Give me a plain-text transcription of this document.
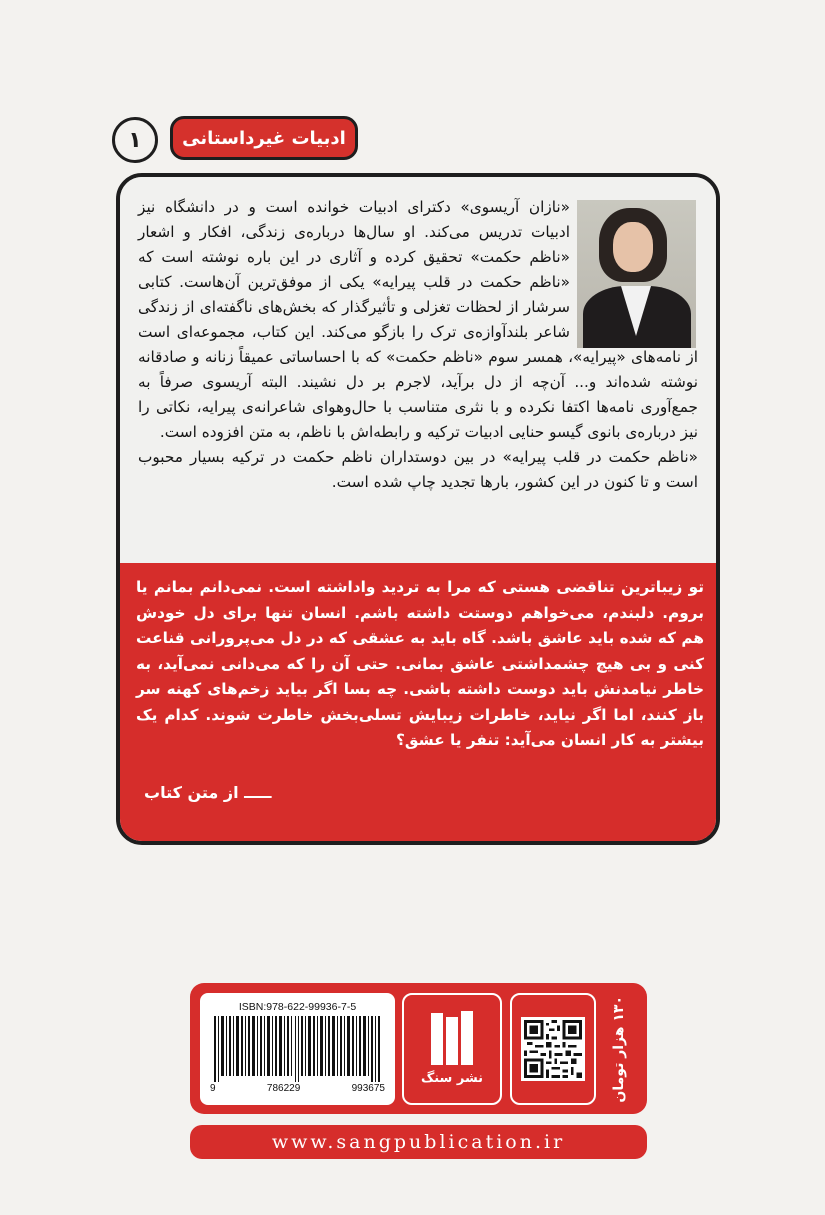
ادبیات غیرداستانی
۱

«نازان آریسوی» دکترای ادبیات خوانده است و در دانشگاه نیز ادبیات تدریس می‌کند. او سال‌ها درباره‌ی زندگی، افکار و اشعار «ناظم حکمت» تحقیق کرده و آثاری در این باره نوشته است که «ناظم حکمت در قلب پیرایه» یکی از موفق‌ترین آن‌هاست. کتابی سرشار از لحظات تغزلی و تأثیرگذار که بخش‌های ناگفته‌ای از زندگی شاعر بلندآوازه‌ی ترک را بازگو می‌کند. این کتاب، مجموعه‌ای است از نامه‌های «پیرایه»، همسر سوم «ناظم حکمت» که با احساساتی عمیقاً زنانه و صادقانه نوشته شده‌اند و... آن‌چه از دل برآید، لاجرم بر دل نشیند. البته آریسوی صرفاً به جمع‌آوری نامه‌ها اکتفا نکرده و با نثری متناسب با حال‌وهوای شاعرانه‌ی پیرایه، نکاتی را نیز درباره‌ی بانوی گیسو حنایی ادبیات ترکیه و رابطه‌اش با ناظم، به متن افزوده است.

«ناظم حکمت در قلب پیرایه» در بین دوستداران ناظم حکمت در ترکیه بسیار محبوب است و تا کنون در این کشور، بارها تجدید چاپ شده است.

تو زیباترین تناقضی هستی که مرا به تردید واداشته است. نمی‌دانم بمانم یا بروم. دلبندم، می‌خواهم دوستت داشته باشم. انسان تنها برای دل خودش هم که شده باید عاشق باشد. گاه باید به عشقی که در دل می‌پرورانی قناعت کنی و بی هیچ چشمداشتی عاشق بمانی. حتی آن را که می‌دانی نمی‌آید، به خاطر نیامدنش باید دوست داشته باشی. چه بسا اگر بیاید زخم‌های کهنه سر باز کنند، اما اگر نیاید، خاطرات زیبایش تسلی‌بخش خاطرت شوند. کدام یک بیشتر به کار انسان می‌آید: تنفر یا عشق؟

ـــــ از متن کتاب
ISBN:978-622-99936-7-5
9	786229	993675
نشر سنگ	۱۳۰ هزار تومان
www.sangpublication.ir
